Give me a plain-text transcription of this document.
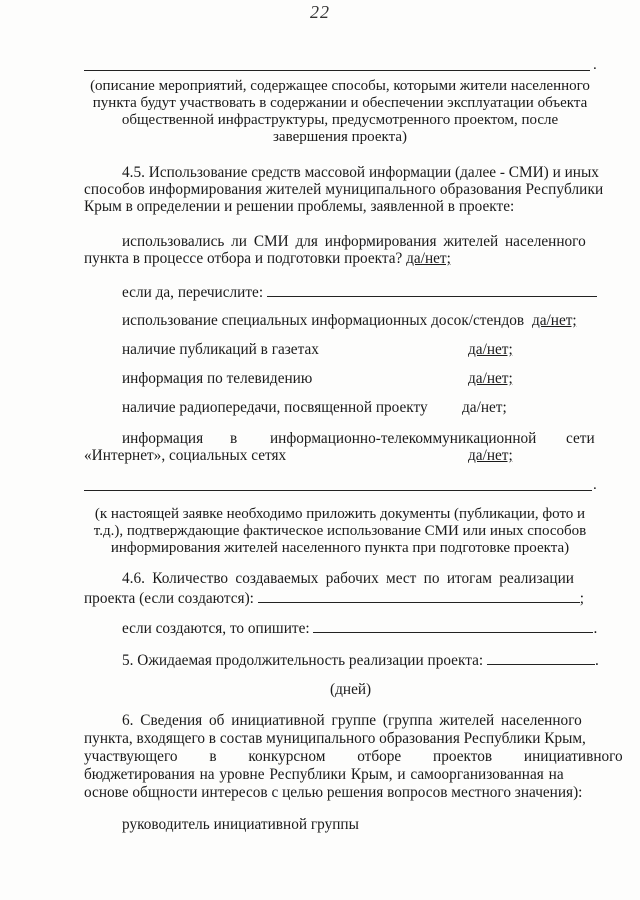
22
.
(описание мероприятий, содержащее способы, которыми жители населенного
пункта будут участвовать в содержании и обеспечении эксплуатации объекта
общественной инфраструктуры, предусмотренного проектом, после
завершения проекта)
4.5. Использование средств массовой информации (далее - СМИ) и иных
способов информирования жителей муниципального образования Республики
Крым в определении и решении проблемы, заявленной в проекте:
использовались ли СМИ для информирования жителей населенного
пункта в процессе отбора и подготовки проекта? да/нет;
если да, перечислите:
использование специальных информационных досок/стендов да/нет;
наличие публикаций в газетах	да/нет;
информация по телевидению	да/нет;
наличие радиопередачи, посвященной проекту да/нет;
информация в информационно-телекоммуникационной сети
«Интернет», социальных сетях	да/нет;
.
(к настоящей заявке необходимо приложить документы (публикации, фото и
т.д.), подтверждающие фактическое использование СМИ или иных способов
информирования жителей населенного пункта при подготовке проекта)
4.6. Количество создаваемых рабочих мест по итогам реализации
проекта (если создаются):	;
если создаются, то опишите:	.
5. Ожидаемая продолжительность реализации проекта:	.
(дней)
6. Сведения об инициативной группе (группа жителей населенного
пункта, входящего в состав муниципального образования Республики Крым,
участвующего в конкурсном отборе проектов инициативного
бюджетирования на уровне Республики Крым, и самоорганизованная на
основе общности интересов с целью решения вопросов местного значения):
руководитель инициативной группы
